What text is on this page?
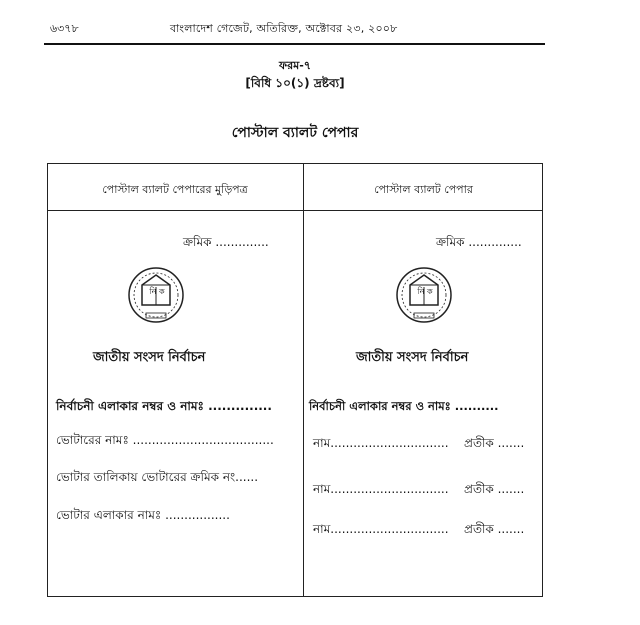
৬৩৭৮	বাংলাদেশ গেজেট, অতিরিক্ত, অক্টোবর ২৩, ২০০৮
ফরম-৭
[বিধি ১০(১) দ্রষ্টব্য]
পোস্টাল ব্যালট পেপার
পোস্টাল ব্যালট পেপারের মুড়িপত্র	পোস্টাল ব্যালট পেপার
ক্রমিক ..............
নি ক
জাতীয় সংসদ নির্বাচন
নির্বাচনী এলাকার নম্বর ও নামঃ ..............
ভোটারের নামঃ .....................................
ভোটার তালিকায় ভোটারের ক্রমিক নং......
ভোটার এলাকার নামঃ .................
ক্রমিক ..............
নি ক
জাতীয় সংসদ নির্বাচন
নির্বাচনী এলাকার নম্বর ও নামঃ ..........
নাম............................... প্রতীক .......
নাম............................... প্রতীক .......
নাম............................... প্রতীক .......
